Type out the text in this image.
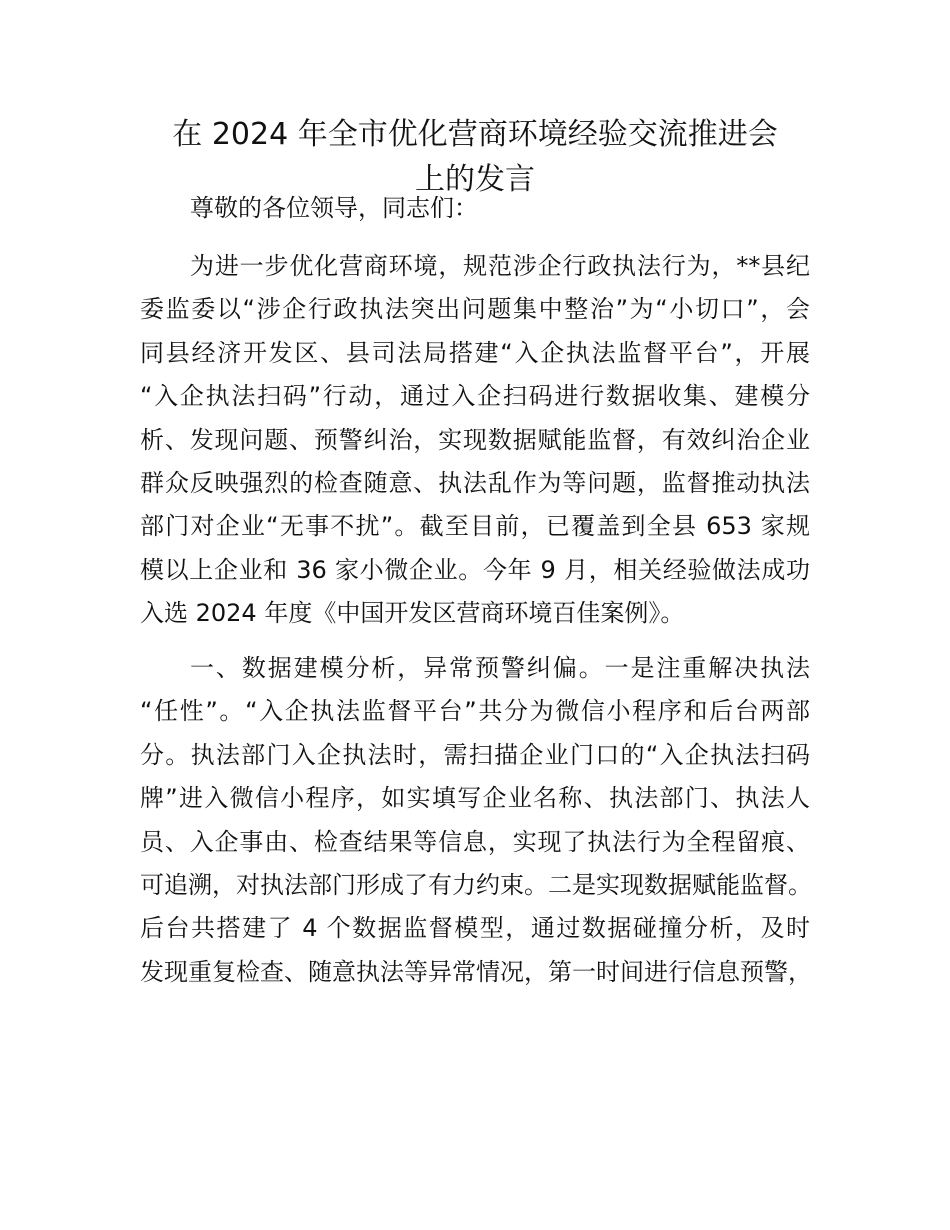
在 2024 年全市优化营商环境经验交流推进会
上的发言
尊敬的各位领导，同志们：
为进一步优化营商环境，规范涉企行政执法行为，**县纪
委监委以“涉企行政执法突出问题集中整治”为“小切口”，会
同县经济开发区、县司法局搭建“入企执法监督平台”，开展
“入企执法扫码”行动，通过入企扫码进行数据收集、建模分
析、发现问题、预警纠治，实现数据赋能监督，有效纠治企业
群众反映强烈的检查随意、执法乱作为等问题，监督推动执法
部门对企业“无事不扰”。截至目前，已覆盖到全县 653 家规
模以上企业和 36 家小微企业。今年 9 月，相关经验做法成功
入选 2024 年度《中国开发区营商环境百佳案例》。
一、数据建模分析，异常预警纠偏。一是注重解决执法
“任性”。“入企执法监督平台”共分为微信小程序和后台两部
分。执法部门入企执法时，需扫描企业门口的“入企执法扫码
牌”进入微信小程序，如实填写企业名称、执法部门、执法人
员、入企事由、检查结果等信息，实现了执法行为全程留痕、
可追溯，对执法部门形成了有力约束。二是实现数据赋能监督。
后台共搭建了 4 个数据监督模型，通过数据碰撞分析，及时
发现重复检查、随意执法等异常情况，第一时间进行信息预警，
